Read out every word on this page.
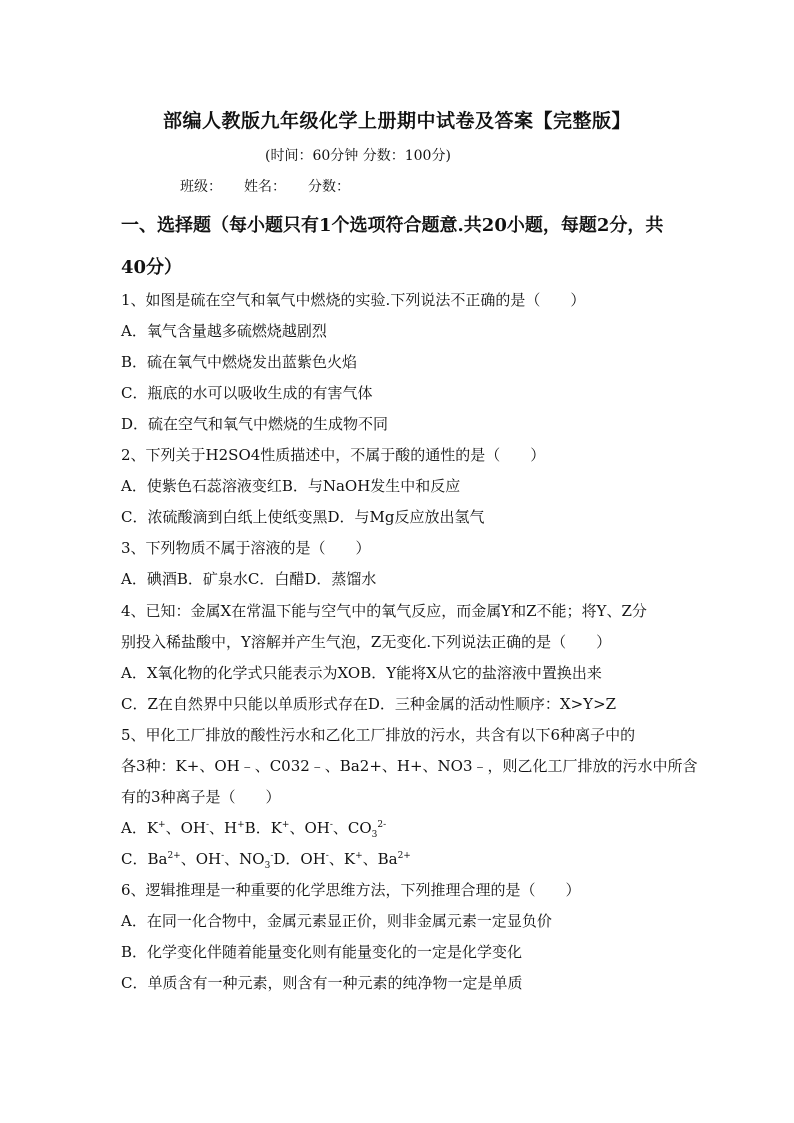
部编人教版九年级化学上册期中试卷及答案【完整版】
(时间：60分钟 分数：100分)
班级： 姓名： 分数：
一、选择题（每小题只有1个选项符合题意.共20小题，每题2分，共
40分）
1、如图是硫在空气和氧气中燃烧的实验.下列说法不正确的是（　　）
A．氧气含量越多硫燃烧越剧烈
B．硫在氧气中燃烧发出蓝紫色火焰
C．瓶底的水可以吸收生成的有害气体
D．硫在空气和氧气中燃烧的生成物不同
2、下列关于H2SO4性质描述中，不属于酸的通性的是（　　）
A．使紫色石蕊溶液变红B．与NaOH发生中和反应
C．浓硫酸滴到白纸上使纸变黑D．与Mg反应放出氢气
3、下列物质不属于溶液的是（　　）
A．碘酒B．矿泉水C．白醋D．蒸馏水
4、已知：金属X在常温下能与空气中的氧气反应，而金属Y和Z不能；将Y、Z分
别投入稀盐酸中，Y溶解并产生气泡，Z无变化.下列说法正确的是（　　）
A．X氧化物的化学式只能表示为XOB．Y能将X从它的盐溶液中置换出来
C．Z在自然界中只能以单质形式存在D．三种金属的活动性顺序：X>Y>Z
5、甲化工厂排放的酸性污水和乙化工厂排放的污水，共含有以下6种离子中的
各3种：K+、OH﹣、C032﹣、Ba2+、H+、NO3﹣，则乙化工厂排放的污水中所含
有的3种离子是（　　）
A．K+、OH-、H+B．K+、OH-、$CO_3^{2-}$
C．$Ba^{2+}$、OH-、$NO_3^-D$．OH-、K+、$Ba^{2+}$
6、逻辑推理是一种重要的化学思维方法，下列推理合理的是（　　）
A．在同一化合物中，金属元素显正价，则非金属元素一定显负价
B．化学变化伴随着能量变化则有能量变化的一定是化学变化
C．单质含有一种元素，则含有一种元素的纯净物一定是单质
